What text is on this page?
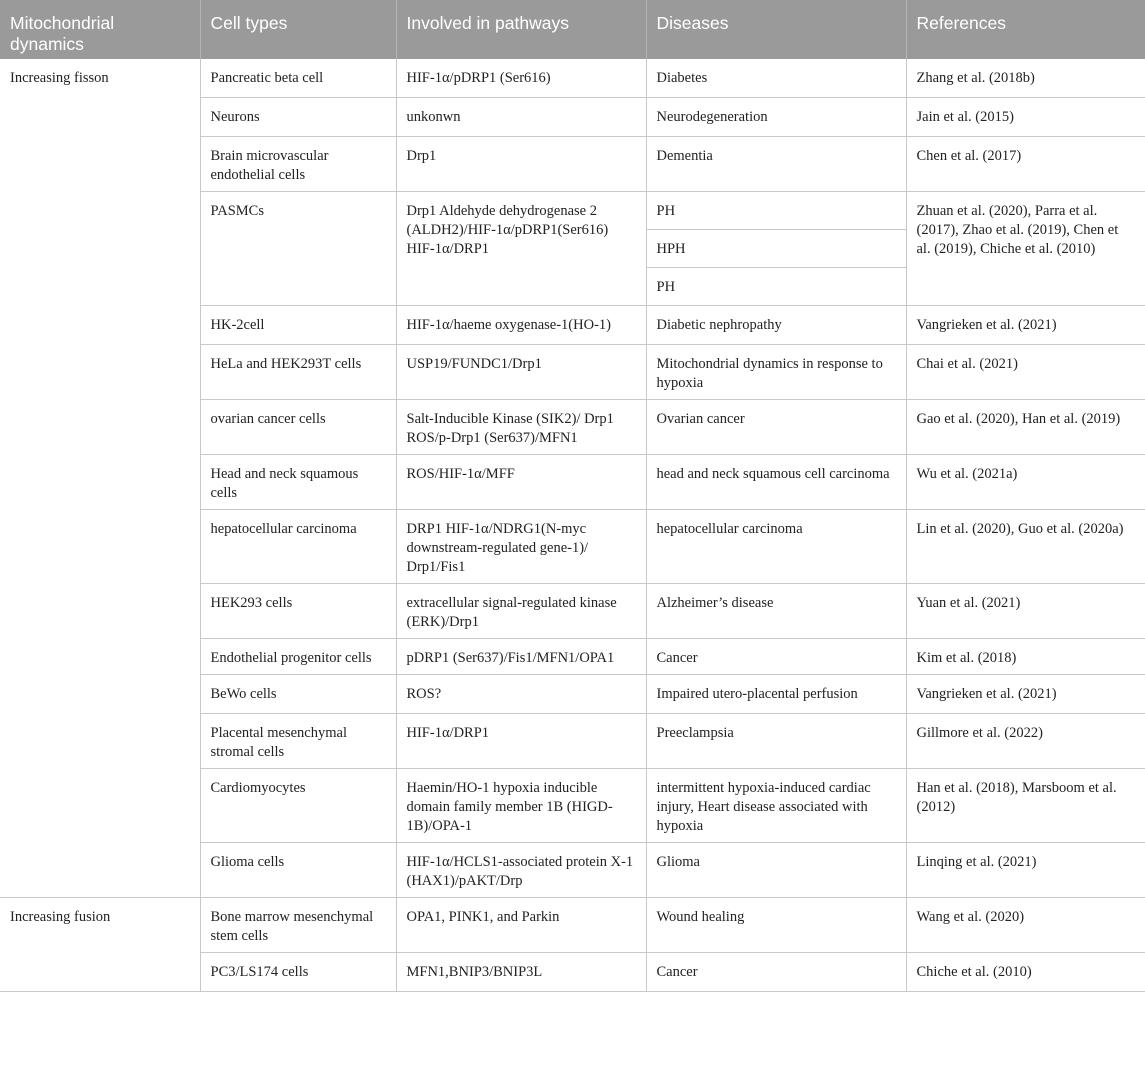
Mitochondrial dynamics	Cell types	Involved in pathways	Diseases	References
Increasing fisson	Pancreatic beta cell	HIF-1α/pDRP1 (Ser616)	Diabetes	Zhang et al. (2018b)
	Neurons	unkonwn	Neurodegeneration	Jain et al. (2015)
	Brain microvascular endothelial cells	Drp1	Dementia	Chen et al. (2017)
	PASMCs	Drp1 Aldehyde dehydrogenase 2 (ALDH2)/HIF-1α/pDRP1(Ser616) HIF-1α/DRP1	PH	Zhuan et al. (2020), Parra et al. (2017), Zhao et al. (2019), Chen et al. (2019), Chiche et al. (2010)
			HPH	
			PH	
	HK-2cell	HIF-1α/haeme oxygenase-1(HO-1)	Diabetic nephropathy	Vangrieken et al. (2021)
	HeLa and HEK293T cells	USP19/FUNDC1/Drp1	Mitochondrial dynamics in response to hypoxia	Chai et al. (2021)
	ovarian cancer cells	Salt-Inducible Kinase (SIK2)/ Drp1 ROS/p-Drp1 (Ser637)/MFN1	Ovarian cancer	Gao et al. (2020), Han et al. (2019)
	Head and neck squamous cells	ROS/HIF-1α/MFF	head and neck squamous cell carcinoma	Wu et al. (2021a)
	hepatocellular carcinoma	DRP1 HIF-1α/NDRG1(N-myc downstream-regulated gene-1)/ Drp1/Fis1	hepatocellular carcinoma	Lin et al. (2020), Guo et al. (2020a)
	HEK293 cells	extracellular signal-regulated kinase (ERK)/Drp1	Alzheimer’s disease	Yuan et al. (2021)
	Endothelial progenitor cells	pDRP1 (Ser637)/Fis1/MFN1/OPA1	Cancer	Kim et al. (2018)
	BeWo cells	ROS?	Impaired utero-placental perfusion	Vangrieken et al. (2021)
	Placental mesenchymal stromal cells	HIF-1α/DRP1	Preeclampsia	Gillmore et al. (2022)
	Cardiomyocytes	Haemin/HO-1 hypoxia inducible domain family member 1B (HIGD-1B)/OPA-1	intermittent hypoxia-induced cardiac injury, Heart disease associated with hypoxia	Han et al. (2018), Marsboom et al. (2012)
	Glioma cells	HIF-1α/HCLS1-associated protein X-1 (HAX1)/pAKT/Drp	Glioma	Linqing et al. (2021)
Increasing fusion	Bone marrow mesenchymal stem cells	OPA1, PINK1, and Parkin	Wound healing	Wang et al. (2020)
	PC3/LS174 cells	MFN1,BNIP3/BNIP3L	Cancer	Chiche et al. (2010)
